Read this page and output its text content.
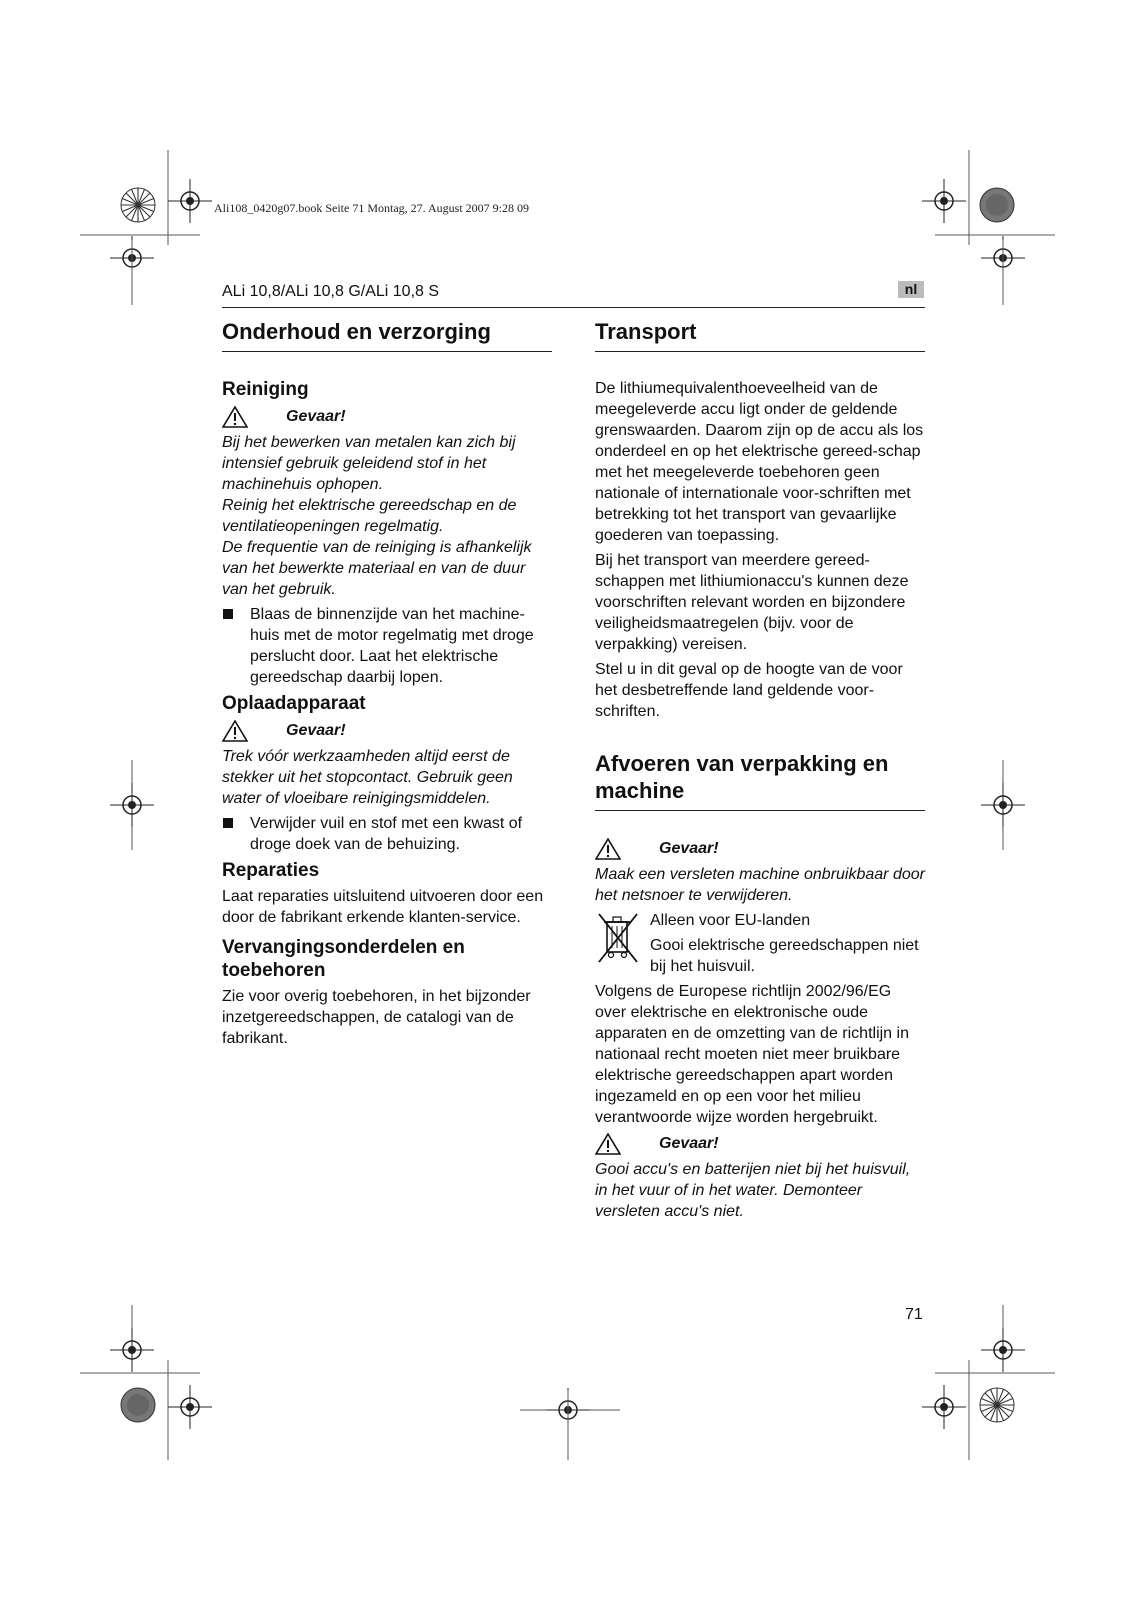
Ali108_0420g07.book Seite 71 Montag, 27. August 2007 9:28 09
ALi 10,8/ALi 10,8 G/ALi 10,8 S	nl
Onderhoud en verzorging
Reiniging
Gevaar!

Bij het bewerken van metalen kan zich bij intensief gebruik geleidend stof in het machinehuis ophopen.

Reinig het elektrische gereedschap en de ventilatieopeningen regelmatig.

De frequentie van de reiniging is afhankelijk van het bewerkte materiaal en van de duur van het gebruik.

Blaas de binnenzijde van het machine-huis met de motor regelmatig met droge perslucht door. Laat het elektrische gereedschap daarbij lopen.
Oplaadapparaat
Gevaar!

Trek vóór werkzaamheden altijd eerst de stekker uit het stopcontact. Gebruik geen water of vloeibare reinigingsmiddelen.

Verwijder vuil en stof met een kwast of droge doek van de behuizing.
Reparaties

Laat reparaties uitsluitend uitvoeren door een door de fabrikant erkende klanten-service.

Vervangingsonderdelen en toebehoren

Zie voor overig toebehoren, in het bijzonder inzetgereedschappen, de catalogi van de fabrikant.

Transport

De lithiumequivalenthoeveelheid van de meegeleverde accu ligt onder de geldende grenswaarden. Daarom zijn op de accu als los onderdeel en op het elektrische gereed-schap met het meegeleverde toebehoren geen nationale of internationale voor-schriften met betrekking tot het transport van gevaarlijke goederen van toepassing.

Bij het transport van meerdere gereed-schappen met lithiumionaccu's kunnen deze voorschriften relevant worden en bijzondere veiligheidsmaatregelen (bijv. voor de verpakking) vereisen.

Stel u in dit geval op de hoogte van de voor het desbetreffende land geldende voor-schriften.

Afvoeren van verpakking en machine
Gevaar!

Maak een versleten machine onbruikbaar door het netsnoer te verwijderen.

Alleen voor EU-landen

Gooi elektrische gereedschappen niet bij het huisvuil.

Volgens de Europese richtlijn 2002/96/EG over elektrische en elektronische oude apparaten en de omzetting van de richtlijn in nationaal recht moeten niet meer bruikbare elektrische gereedschappen apart worden ingezameld en op een voor het milieu verantwoorde wijze worden hergebruikt.

Gevaar!

Gooi accu's en batterijen niet bij het huisvuil, in het vuur of in het water. Demonteer versleten accu's niet.

71
